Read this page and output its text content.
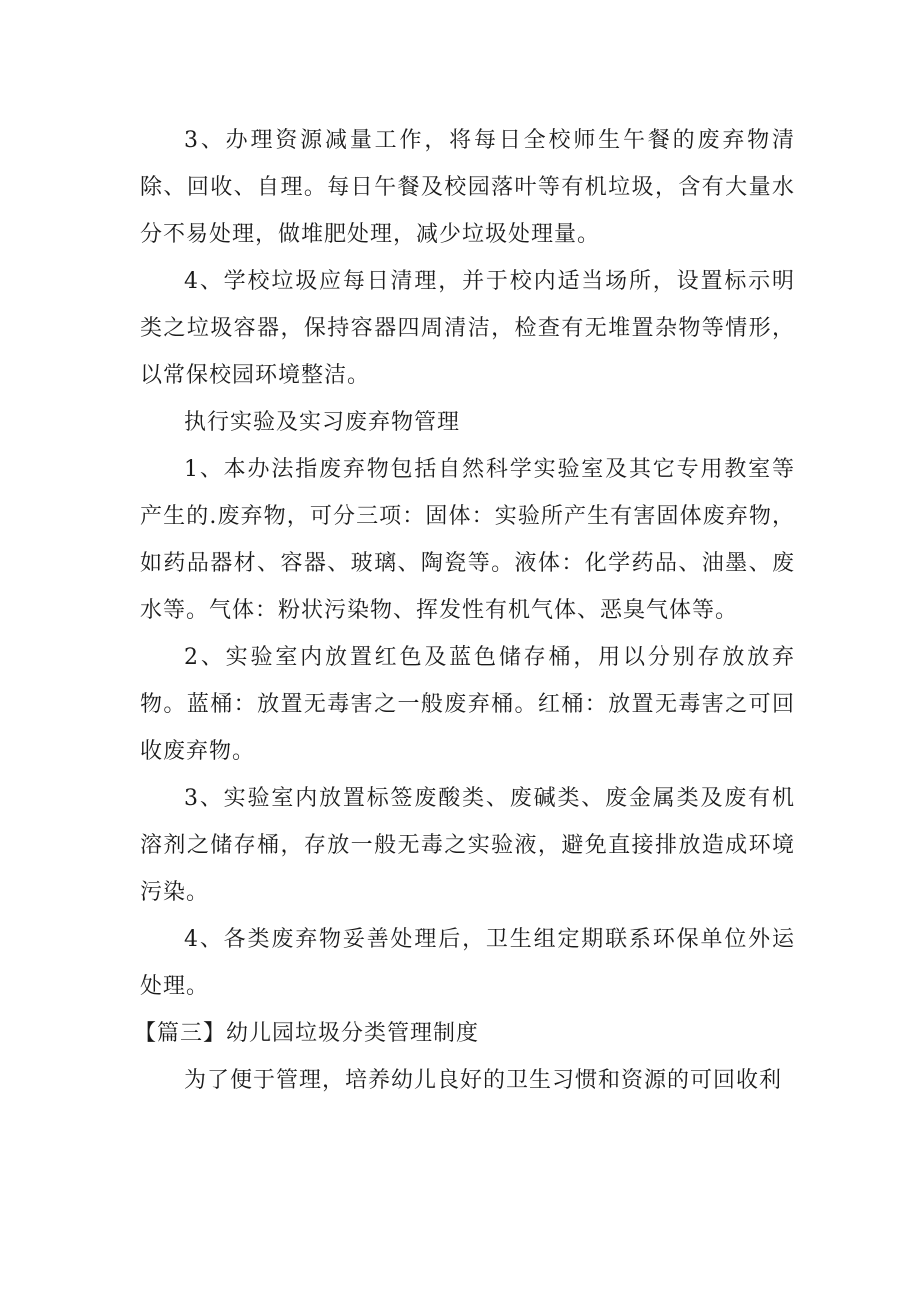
3、办理资源减量工作，将每日全校师生午餐的废弃物清除、回收、自理。每日午餐及校园落叶等有机垃圾，含有大量水分不易处理，做堆肥处理，减少垃圾处理量。

4、学校垃圾应每日清理，并于校内适当场所，设置标示明类之垃圾容器，保持容器四周清洁，检查有无堆置杂物等情形，以常保校园环境整洁。

执行实验及实习废弃物管理

1、本办法指废弃物包括自然科学实验室及其它专用教室等产生的.废弃物，可分三项：固体：实验所产生有害固体废弃物，如药品器材、容器、玻璃、陶瓷等。液体：化学药品、油墨、废水等。气体：粉状污染物、挥发性有机气体、恶臭气体等。

2、实验室内放置红色及蓝色储存桶，用以分别存放放弃物。蓝桶：放置无毒害之一般废弃桶。红桶：放置无毒害之可回收废弃物。

3、实验室内放置标签废酸类、废碱类、废金属类及废有机溶剂之储存桶，存放一般无毒之实验液，避免直接排放造成环境污染。

4、各类废弃物妥善处理后，卫生组定期联系环保单位外运处理。

【篇三】幼儿园垃圾分类管理制度

为了便于管理，培养幼儿良好的卫生习惯和资源的可回收利
